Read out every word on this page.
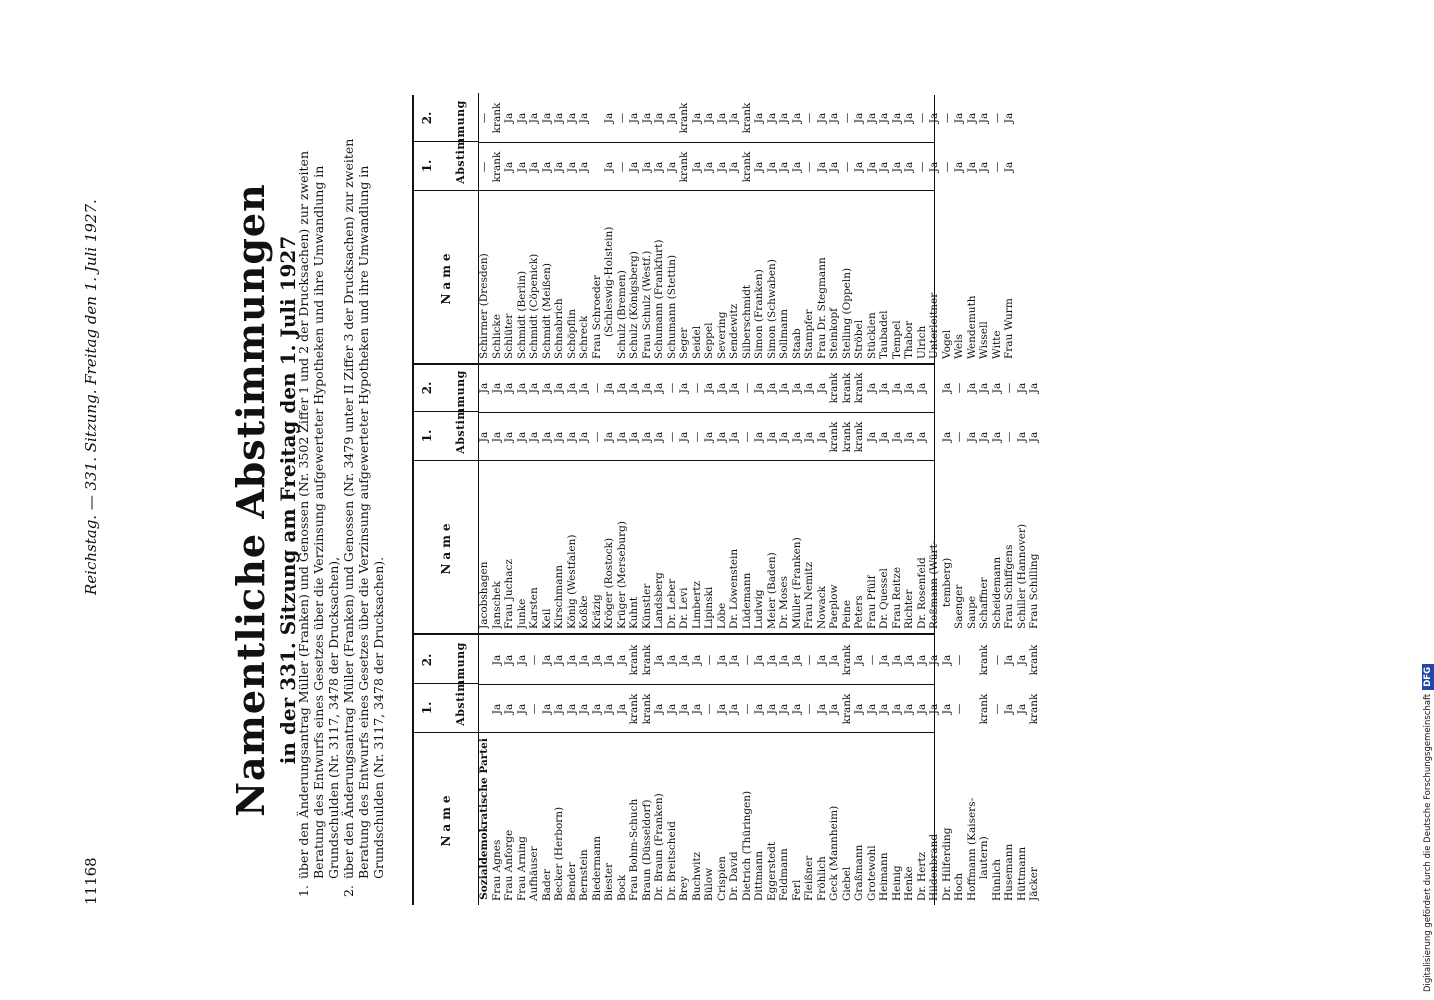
11168
Reichstag. — 331. Sitzung. Freitag den 1. Juli 1927.	Namentliche Abstimmungen in der 331. Sitzung am Freitag den 1. Juli 1927
1.
über den Änderungsantrag Müller (Franken) und Genossen (Nr. 3502 Ziffer 1 und 2 der Drucksachen) zur zweiten Beratung des Entwurfs eines Gesetzes über die Verzinsung aufgewerteter Hypotheken und ihre Umwandlung in Grundschulden (Nr. 3117, 3478 der Drucksachen),
2.
über den Änderungsantrag Müller (Franken) und Genossen (Nr. 3479 unter II Ziffer 3 der Drucksachen) zur zweiten Beratung des Entwurfs eines Gesetzes über die Verzinsung aufgewerteter Hypotheken und ihre Umwandlung in Grundschulden (Nr. 3117, 3478 der Drucksachen).	Name
1.
2. Abstimmung
Sozialdemokratische Partei Frau Agnes
Ja
Ja
Frau Anforge
Ja
Ja
Frau Arning
Ja
Ja
Aufhäuser
—
—
Bader
Ja
Ja
Becker (Herborn)
Ja
Ja
Bender
Ja
Ja
Bernstein
Ja
Ja
Biedermann
Ja
Ja
Biester
Ja
Ja
Bock
Ja
Ja
Frau Bohm-Schuch
krank
krank
Braun (Düsseldorf)
krank
krank
Dr. Braun (Franken)
Ja
Ja
Dr. Breitscheid
Ja
Ja
Brey
Ja
Ja
Buchwitz
Ja
Ja
Bülow
—
—
Crispien
Ja
Ja
Dr. David
Ja
Ja
Dietrich (Thüringen)
—
—
Dittmann
Ja
Ja
Eggerstedt
Ja
Ja
Feldmann
Ja
Ja
Ferl
Ja
Ja
Fleißner
—
—
Fröhlich
Ja
Ja
Geck (Mannheim)
Ja
Ja
Giebel
krank
krank
Graßmann
Ja
Ja
Grotewohl
Ja
—
Heimann
Ja
Ja
Heinig
Ja
Ja
Henke
Ja
Ja
Dr. Hertz
Ja
Ja
Hildenbrand
Ja
Ja
Dr. Hilferding
Ja
Ja
Hoch
—
—
Hoffmann (Kaisers- lautern)
krank
krank
Hünlich
—
—
Husemann
Ja
Ja
Hüttmann
Ja
Ja
Jäcker
krank
krank
Name
1.
2. Abstimmung
Jacobshagen
Ja
Ja
Janschek
Ja
Ja
Frau Juchacz
Ja
Ja
Junke
Ja
Ja
Karsten
Ja
Ja
Keil
Ja
Ja
Kirschmann
Ja
Ja
König (Westfalen)
Ja
Ja
Koßke
Ja
Ja
Kräzig
—
—
Kröger (Rostock)
Ja
Ja
Krüger (Merseburg)
Ja
Ja
Kuhnt
Ja
Ja
Künstler
Ja
Ja
Landsberg
Ja
Ja
Dr. Leber
—
—
Dr. Levi
Ja
Ja
Limbertz
—
—
Lipinski
Ja
Ja
Löbe
Ja
Ja
Dr. Löwenstein
Ja
Ja
Lüdemann
—
—
Ludwig
Ja
Ja
Meier (Baden)
Ja
Ja
Dr. Moses
Ja
Ja
Müller (Franken)
Ja
Ja
Frau Nemitz
Ja
Ja
Nowack
Ja
Ja
Paeplow
krank
krank
Peine
krank
krank
Peters
krank
krank
Frau Pfülf
Ja
Ja
Dr. Quessel
Ja
Ja
Frau Reitze
Ja
Ja
Richter
Ja
Ja
Dr. Rosenfeld
Ja
Ja
Roßmann (Würt- temberg)
Ja
Ja
Saenger
—
—
Saupe
Ja
Ja
Schaffner
Ja
Ja
Scheidemann
Ja
Ja
Frau Schiffgens
—
—
Schiller (Hannover)
Ja
Ja
Frau Schilling
Ja
Ja
Name
1.
2. Abstimmung
Schirmer (Dresden)
—
—
Schlicke
krank
krank
Schlüter
Ja
Ja
Schmidt (Berlin)
Ja
Ja
Schmidt (Cöpenick)
Ja
Ja
Schmidt (Meißen)
Ja
Ja
Schnabrich
Ja
Ja
Schöpflin
Ja
Ja
Schreck
Ja
Ja
Frau Schroeder (Schleswig-Holstein)
Ja
Ja
Schulz (Bremen)
—
—
Schulz (Königsberg)
Ja
Ja
Frau Schulz (Westf.)
Ja
Ja
Schumann (Frankfurt)
Ja
Ja
Schumann (Stettin)
Ja
Ja
Seger
krank
krank
Seidel
Ja
Ja
Seppel
Ja
Ja
Severing
Ja
Ja
Sendewitz
Ja
Ja
Silberschmidt
krank
krank
Simon (Franken)
Ja
Ja
Simon (Schwaben)
Ja
Ja
Sollmann
Ja
Ja
Staab
Ja
Ja
Stampfer
—
—
Frau Dr. Stegmann
Ja
Ja
Steinkopf
Ja
Ja
Stelling (Oppeln)
—
—
Ströbel
Ja
Ja
Stücklen
Ja
Ja
Taubadel
Ja
Ja
Tempel
Ja
Ja
Thabor
Ja
Ja
Ulrich
—
—
Unterleitner
Ja
Ja
Vogel
—
—
Wels
Ja
Ja
Wendemuth
Ja
Ja
Wissell
Ja
Ja
Witte
—
—
Frau Wurm
Ja
Ja
Digitalisierung gefördert durch die Deutsche ForschungsgemeinschaftDFG
